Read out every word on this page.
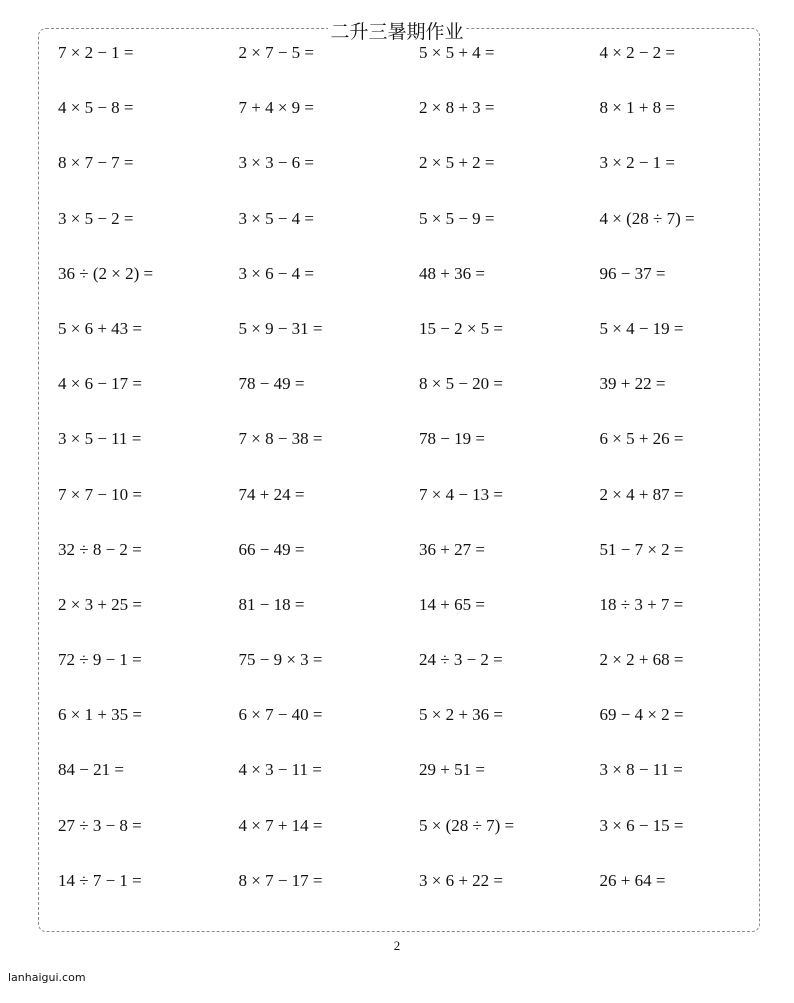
二升三暑期作业
7 × 2 − 1 =	2 × 7 − 5 =	5 × 5 + 4 =	4 × 2 − 2 =
4 × 5 − 8 =	7 + 4 × 9 =	2 × 8 + 3 =	8 × 1 + 8 =
8 × 7 − 7 =	3 × 3 − 6 =	2 × 5 + 2 =	3 × 2 − 1 =
3 × 5 − 2 =	3 × 5 − 4 =	5 × 5 − 9 =	4 × (28 ÷ 7) =
36 ÷ (2 × 2) =	3 × 6 − 4 =	48 + 36 =	96 − 37 =
5 × 6 + 43 =	5 × 9 − 31 =	15 − 2 × 5 =	5 × 4 − 19 =
4 × 6 − 17 =	78 − 49 =	8 × 5 − 20 =	39 + 22 =
3 × 5 − 11 =	7 × 8 − 38 =	78 − 19 =	6 × 5 + 26 =
7 × 7 − 10 =	74 + 24 =	7 × 4 − 13 =	2 × 4 + 87 =
32 ÷ 8 − 2 =	66 − 49 =	36 + 27 =	51 − 7 × 2 =
2 × 3 + 25 =	81 − 18 =	14 + 65 =	18 ÷ 3 + 7 =
72 ÷ 9 − 1 =	75 − 9 × 3 =	24 ÷ 3 − 2 =	2 × 2 + 68 =
6 × 1 + 35 =	6 × 7 − 40 =	5 × 2 + 36 =	69 − 4 × 2 =
84 − 21 =	4 × 3 − 11 =	29 + 51 =	3 × 8 − 11 =
27 ÷ 3 − 8 =	4 × 7 + 14 =	5 × (28 ÷ 7) =	3 × 6 − 15 =
14 ÷ 7 − 1 =	8 × 7 − 17 =	3 × 6 + 22 =	26 + 64 =
2
lanhaigui.com
